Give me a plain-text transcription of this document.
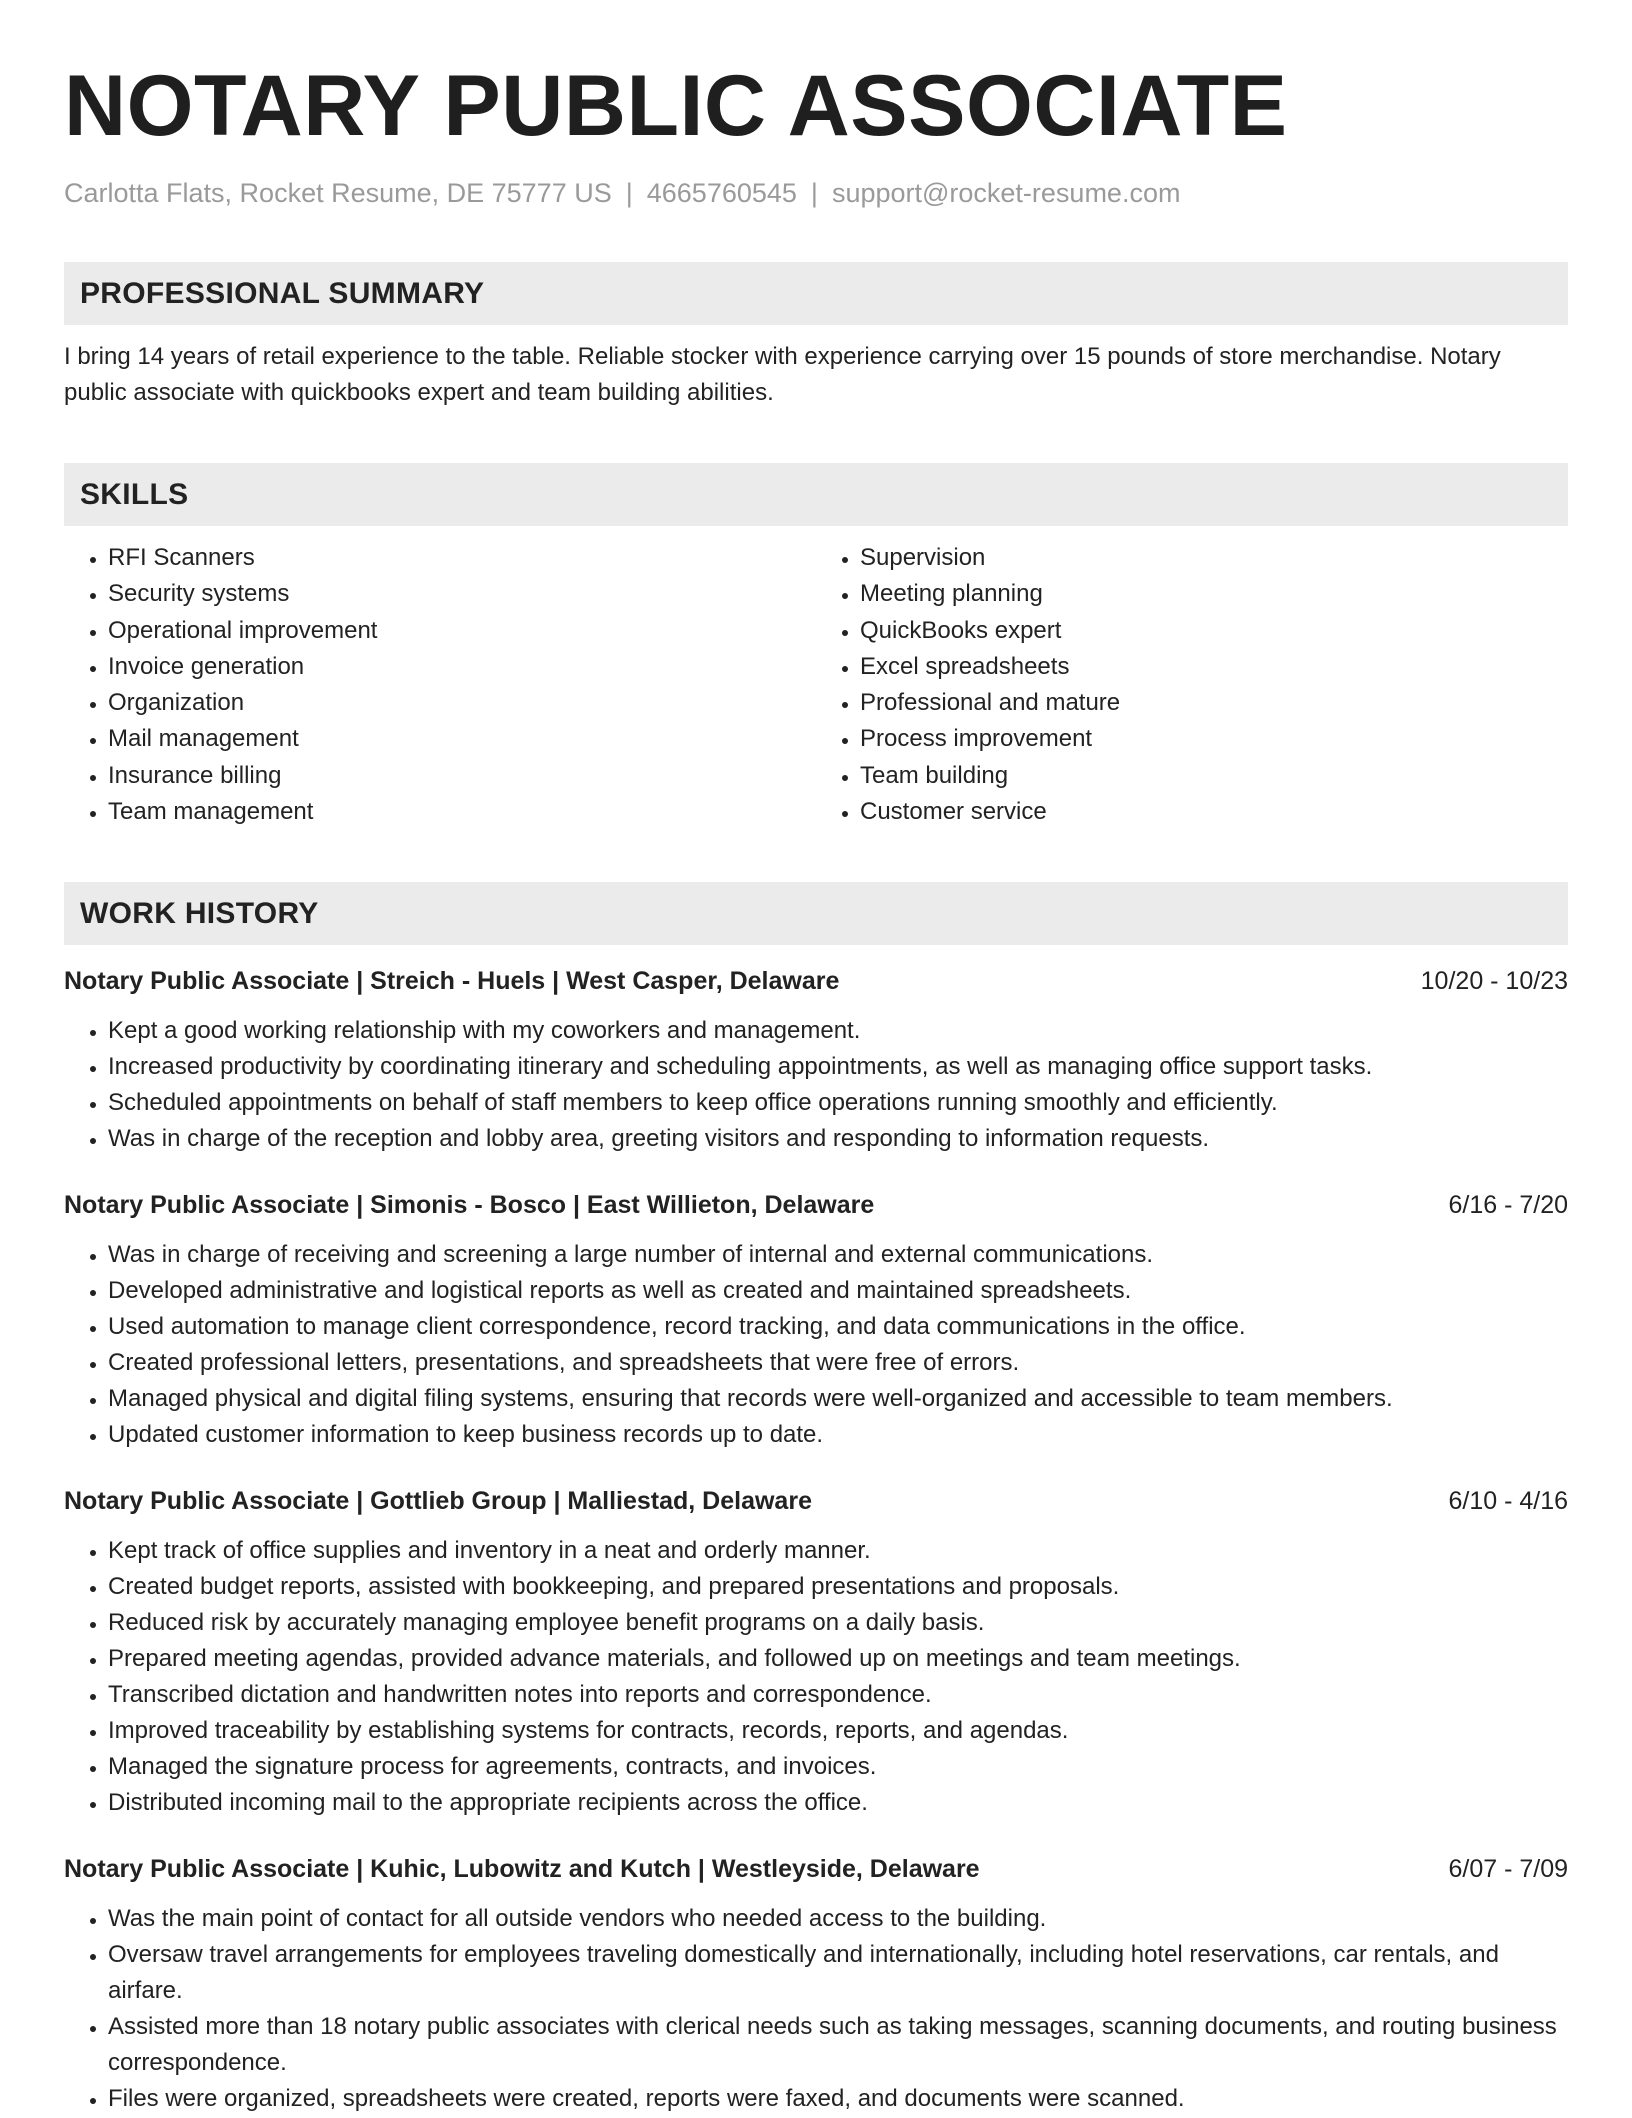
NOTARY PUBLIC ASSOCIATE
Carlotta Flats, Rocket Resume, DE 75777 US | 4665760545 | support@rocket-resume.com
PROFESSIONAL SUMMARY
I bring 14 years of retail experience to the table. Reliable stocker with experience carrying over 15 pounds of store merchandise. Notary public associate with quickbooks expert and team building abilities.
SKILLS
• RFI Scanners
• Security systems
• Operational improvement
• Invoice generation
• Organization
• Mail management
• Insurance billing
• Team management
• Supervision
• Meeting planning
• QuickBooks expert
• Excel spreadsheets
• Professional and mature
• Process improvement
• Team building
• Customer service
WORK HISTORY
Notary Public Associate | Streich - Huels | West Casper, Delaware	10/20 - 10/23
• Kept a good working relationship with my coworkers and management.
• Increased productivity by coordinating itinerary and scheduling appointments, as well as managing office support tasks.
• Scheduled appointments on behalf of staff members to keep office operations running smoothly and efficiently.
• Was in charge of the reception and lobby area, greeting visitors and responding to information requests.
Notary Public Associate | Simonis - Bosco | East Willieton, Delaware	6/16 - 7/20
• Was in charge of receiving and screening a large number of internal and external communications.
• Developed administrative and logistical reports as well as created and maintained spreadsheets.
• Used automation to manage client correspondence, record tracking, and data communications in the office.
• Created professional letters, presentations, and spreadsheets that were free of errors.
• Managed physical and digital filing systems, ensuring that records were well-organized and accessible to team members.
• Updated customer information to keep business records up to date.
Notary Public Associate | Gottlieb Group | Malliestad, Delaware	6/10 - 4/16
• Kept track of office supplies and inventory in a neat and orderly manner.
• Created budget reports, assisted with bookkeeping, and prepared presentations and proposals.
• Reduced risk by accurately managing employee benefit programs on a daily basis.
• Prepared meeting agendas, provided advance materials, and followed up on meetings and team meetings.
• Transcribed dictation and handwritten notes into reports and correspondence.
• Improved traceability by establishing systems for contracts, records, reports, and agendas.
• Managed the signature process for agreements, contracts, and invoices.
• Distributed incoming mail to the appropriate recipients across the office.
Notary Public Associate | Kuhic, Lubowitz and Kutch | Westleyside, Delaware	6/07 - 7/09
• Was the main point of contact for all outside vendors who needed access to the building.
• Oversaw travel arrangements for employees traveling domestically and internationally, including hotel reservations, car rentals, and airfare.
• Assisted more than 18 notary public associates with clerical needs such as taking messages, scanning documents, and routing business correspondence.
• Files were organized, spreadsheets were created, reports were faxed, and documents were scanned.
